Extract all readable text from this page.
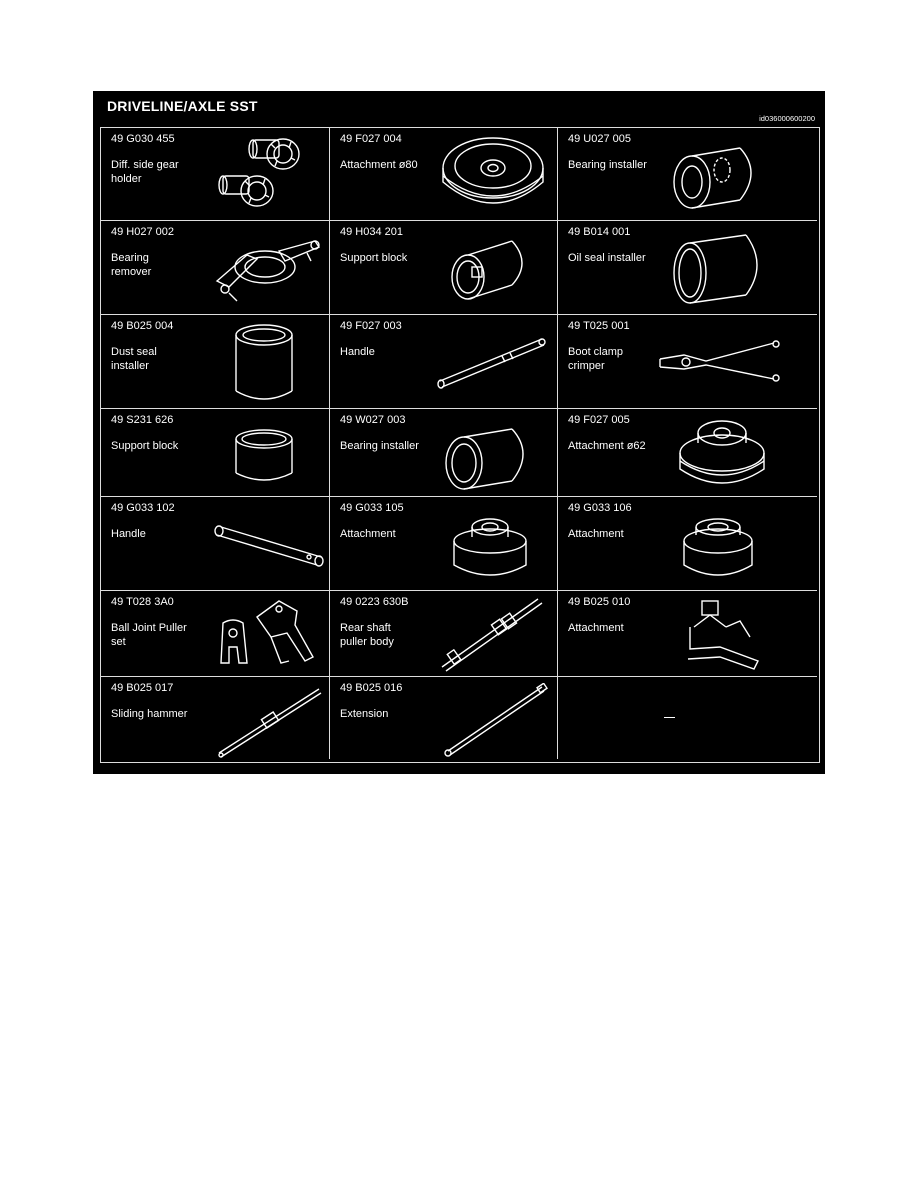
DRIVELINE/AXLE SST
id036000600200
49 G030 455
Diff. side gear
holder
49 F027 004
Attachment ø80
49 U027 005
Bearing installer
49 H027 002
Bearing
remover
49 H034 201
Support block
49 B014 001
Oil seal installer
49 B025 004
Dust seal
installer
49 F027 003
Handle
49 T025 001
Boot clamp
crimper
49 S231 626
Support block
49 W027 003
Bearing installer
49 F027 005
Attachment ø62
49 G033 102
Handle
49 G033 105
Attachment
49 G033 106
Attachment
49 T028 3A0
Ball Joint Puller
set
49 0223 630B
Rear shaft
puller body
49 B025 010
Attachment
49 B025 017
Sliding hammer
49 B025 016
Extension
